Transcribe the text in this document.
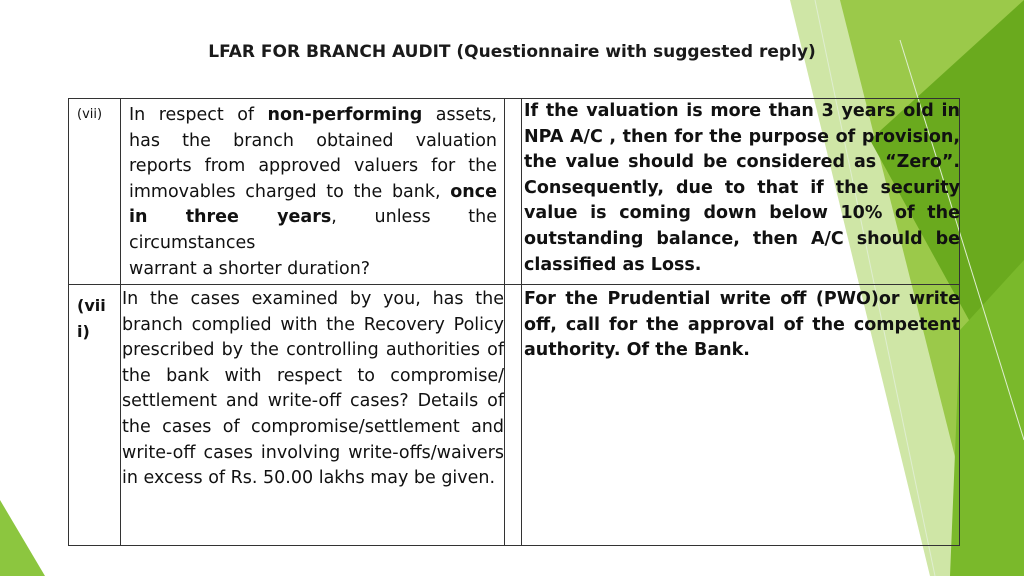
LFAR FOR BRANCH AUDIT (Questionnaire with suggested reply)
(vii)	In respect of non-performing assets, has the branch obtained valuation reports from approved valuers for the immovables charged to the bank, once in three years, unless the circumstances

warrant a shorter duration?

If the valuation is more than 3 years old in NPA A/C , then for the purpose of provision, the value should be considered as “Zero”. Consequently, due to that if the security value is coming down below 10% of the outstanding balance, then A/C should be classified as Loss.
(viii)
In the cases examined by you, has the branch complied with the Recovery Policy prescribed by the controlling authorities of the bank with respect to compromise/ settlement and write-off cases? Details of the cases of compromise/settlement and write-off cases involving write-offs/waivers in excess of Rs. 50.00 lakhs may be given.
For the Prudential write off (PWO)or write off, call for the approval of the competent authority. Of the Bank.
